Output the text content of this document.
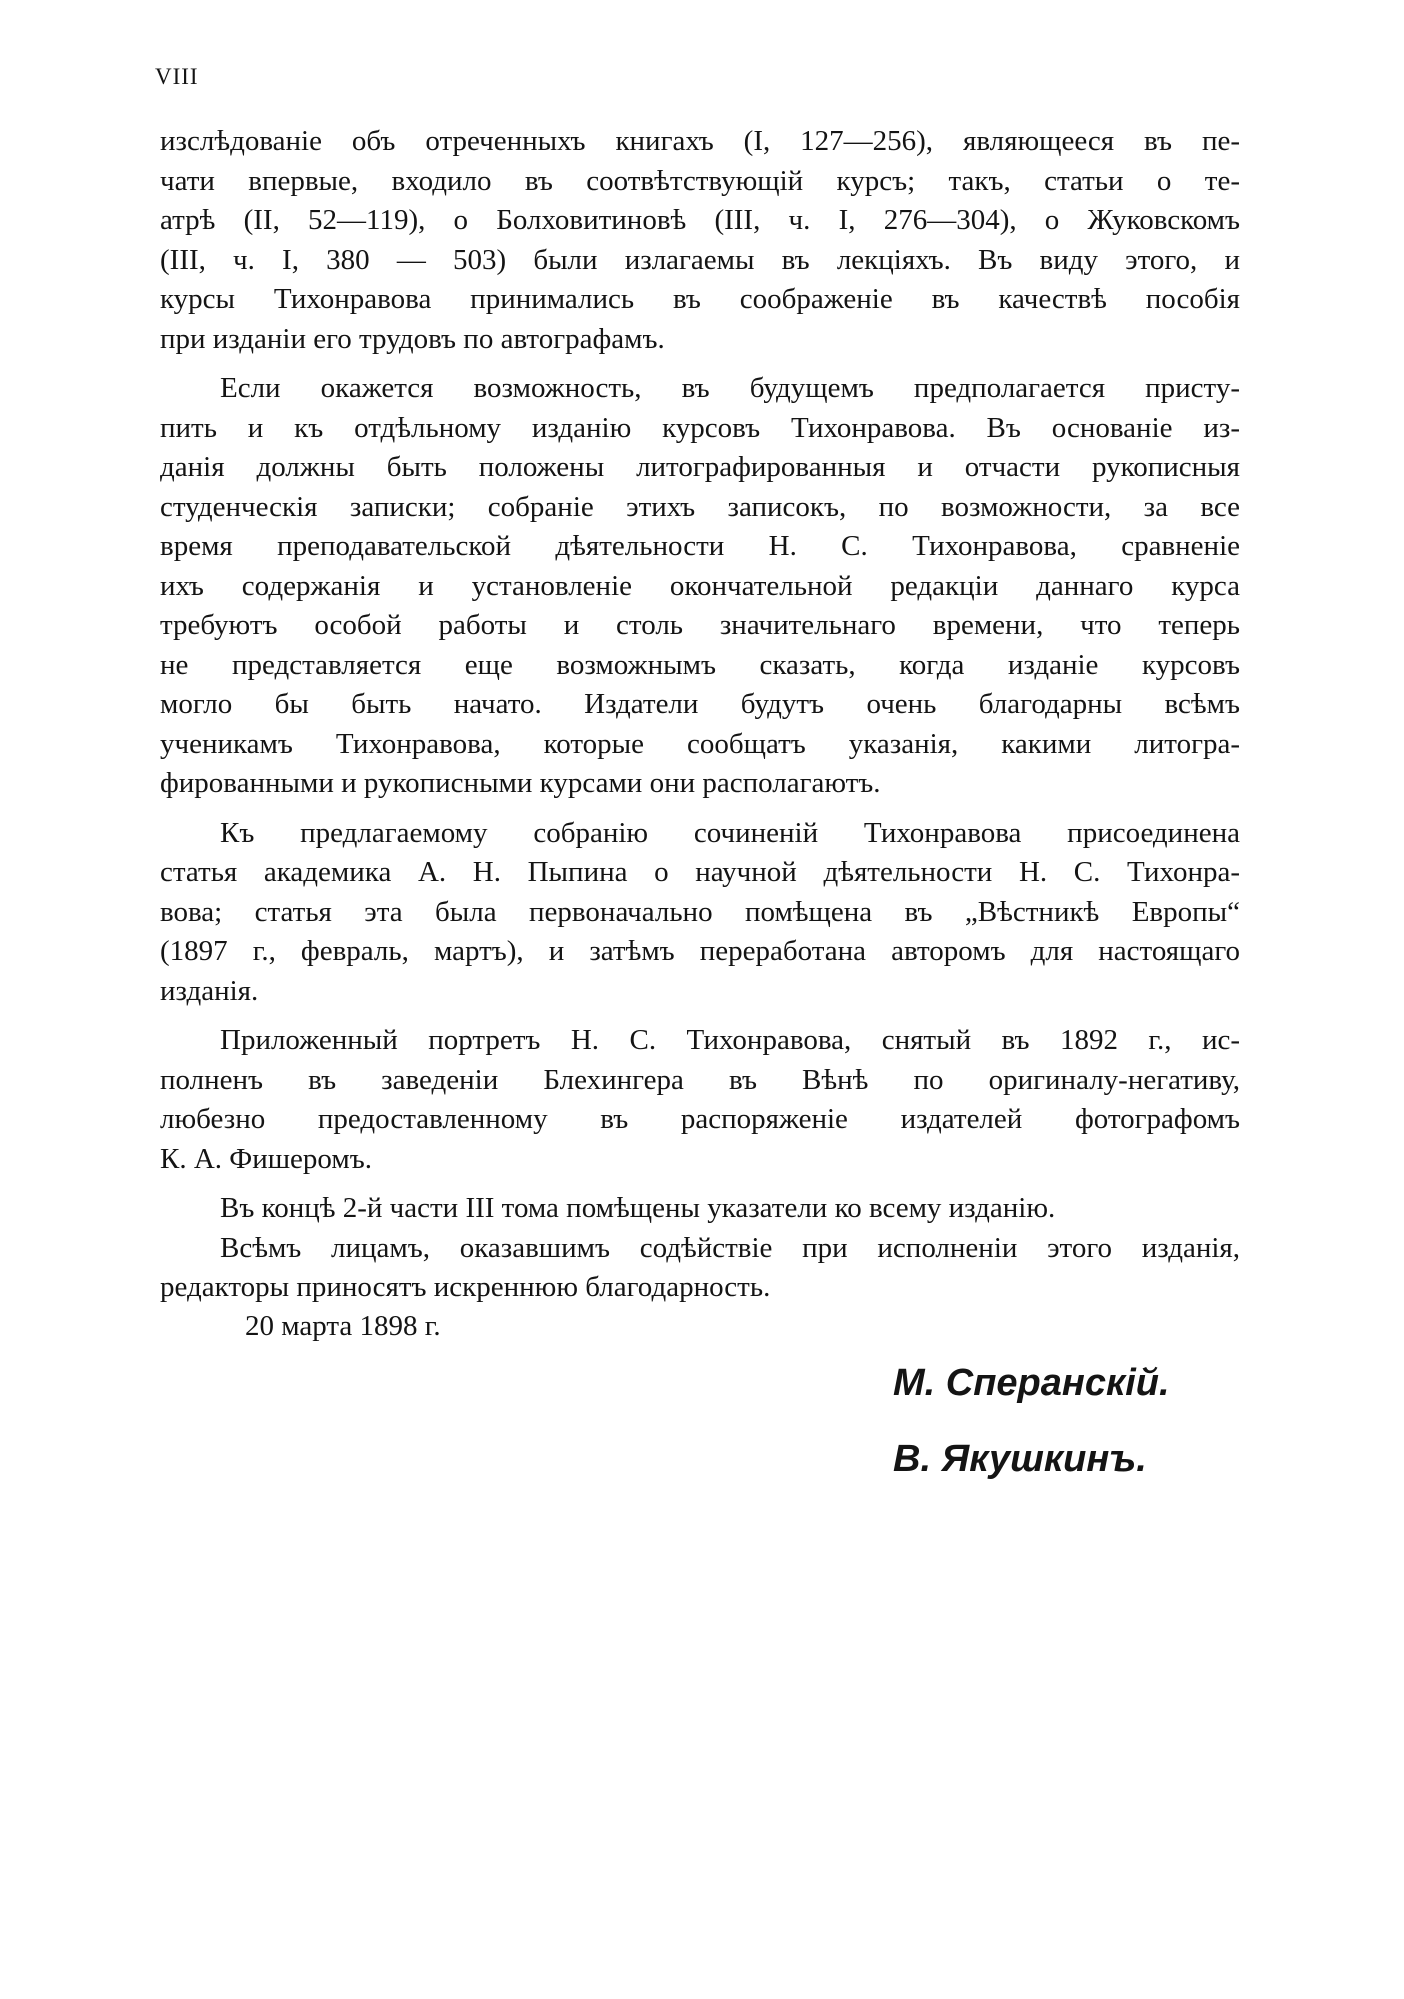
VIII
изслѣдованіе объ отреченныхъ книгахъ (I, 127—256), являющееся въ пе-
чати впервые, входило въ соотвѣтствующій курсъ; такъ, статьи о те-
атрѣ (II, 52—119), о Болховитиновѣ (III, ч. I, 276—304), о Жуковскомъ
(III, ч. I, 380 — 503) были излагаемы въ лекціяхъ. Въ виду этого, и
курсы Тихонравова принимались въ соображеніе въ качествѣ пособія
при изданіи его трудовъ по автографамъ.
Если окажется возможность, въ будущемъ предполагается присту-
пить и къ отдѣльному изданію курсовъ Тихонравова. Въ основаніе из-
данія должны быть положены литографированныя и отчасти рукописныя
студенческія записки; собраніе этихъ записокъ, по возможности, за все
время преподавательской дѣятельности Н. С. Тихонравова, сравненіе
ихъ содержанія и установленіе окончательной редакціи даннаго курса
требуютъ особой работы и столь значительнаго времени, что теперь
не представляется еще возможнымъ сказать, когда изданіе курсовъ
могло бы быть начато. Издатели будутъ очень благодарны всѣмъ
ученикамъ Тихонравова, которые сообщатъ указанія, какими литогра-
фированными и рукописными курсами они располагаютъ.
Къ предлагаемому собранію сочиненій Тихонравова присоединена
статья академика А. Н. Пыпина о научной дѣятельности Н. С. Тихонра-
вова; статья эта была первоначально помѣщена въ „Вѣстникѣ Европы“
(1897 г., февраль, мартъ), и затѣмъ переработана авторомъ для настоящаго
изданія.
Приложенный портретъ Н. С. Тихонравова, снятый въ 1892 г., ис-
полненъ въ заведеніи Блехингера въ Вѣнѣ по оригиналу-негативу,
любезно предоставленному въ распоряженіе издателей фотографомъ
К. А. Фишеромъ.
Въ концѣ 2-й части III тома помѣщены указатели ко всему изданію.
Всѣмъ лицамъ, оказавшимъ содѣйствіе при исполненіи этого изданія,
редакторы приносятъ искреннюю благодарность.
20 марта 1898 г.
М. Сперанскій.
В. Якушкинъ.
